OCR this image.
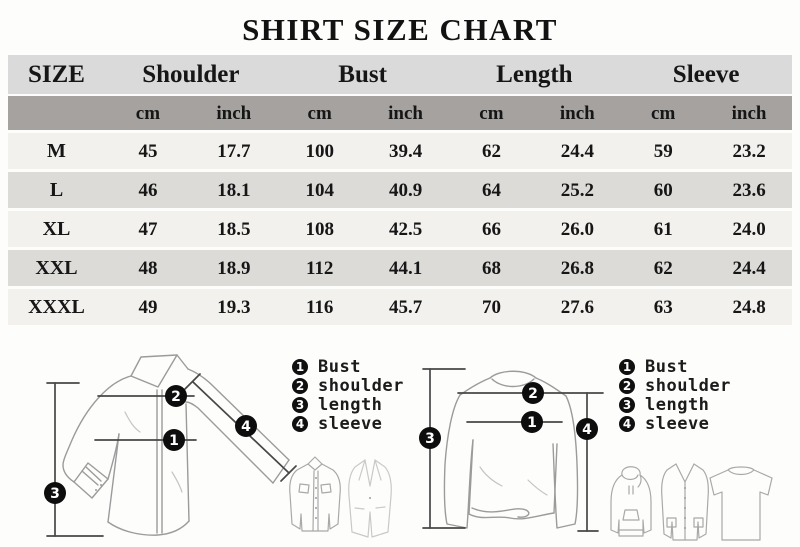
SHIRT SIZE CHART
SIZE	Shoulder	Bust	Length	Sleeve
cm	inch	cm	inch	cm	inch	cm	inch
M	45	17.7	100	39.4	62	24.4	59	23.2
L	46	18.1	104	40.9	64	25.2	60	23.6
XL	47	18.5	108	42.5	66	26.0	61	24.0
XXL	48	18.9	112	44.1	68	26.8	62	24.4
XXXL	49	19.3	116	45.7	70	27.6	63	24.8
2
1
3
4
1 Bust
2 shoulder
3 length
4 sleeve
2
1
3
4
1 Bust
2 shoulder
3 length
4 sleeve
